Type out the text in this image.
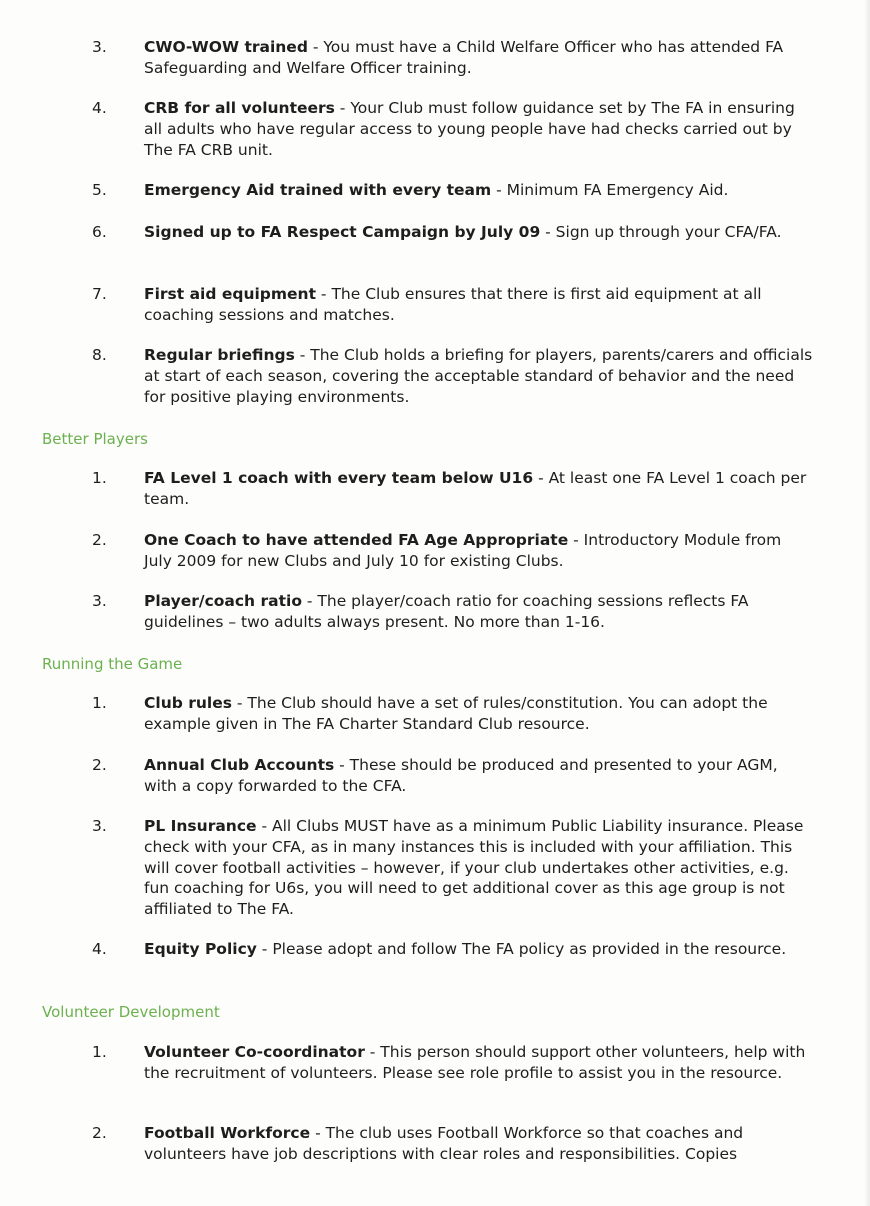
3. CWO-WOW trained - You must have a Child Welfare Officer who has attended FA Safeguarding and Welfare Officer training.
4. CRB for all volunteers - Your Club must follow guidance set by The FA in ensuring all adults who have regular access to young people have had checks carried out by The FA CRB unit.
5. Emergency Aid trained with every team - Minimum FA Emergency Aid.
6. Signed up to FA Respect Campaign by July 09 - Sign up through your CFA/FA.
7. First aid equipment - The Club ensures that there is first aid equipment at all coaching sessions and matches.
8. Regular briefings - The Club holds a briefing for players, parents/carers and officials at start of each season, covering the acceptable standard of behavior and the need for positive playing environments.
Better Players
1. FA Level 1 coach with every team below U16 - At least one FA Level 1 coach per team.
2. One Coach to have attended FA Age Appropriate - Introductory Module from July 2009 for new Clubs and July 10 for existing Clubs.
3. Player/coach ratio - The player/coach ratio for coaching sessions reflects FA guidelines – two adults always present. No more than 1-16.
Running the Game
1. Club rules - The Club should have a set of rules/constitution. You can adopt the example given in The FA Charter Standard Club resource.
2. Annual Club Accounts - These should be produced and presented to your AGM, with a copy forwarded to the CFA.
3. PL Insurance - All Clubs MUST have as a minimum Public Liability insurance. Please check with your CFA, as in many instances this is included with your affiliation. This will cover football activities – however, if your club undertakes other activities, e.g. fun coaching for U6s, you will need to get additional cover as this age group is not affiliated to The FA.
4. Equity Policy - Please adopt and follow The FA policy as provided in the resource.
Volunteer Development
1. Volunteer Co-coordinator - This person should support other volunteers, help with the recruitment of volunteers. Please see role profile to assist you in the resource.
2. Football Workforce - The club uses Football Workforce so that coaches and volunteers have job descriptions with clear roles and responsibilities. Copies
